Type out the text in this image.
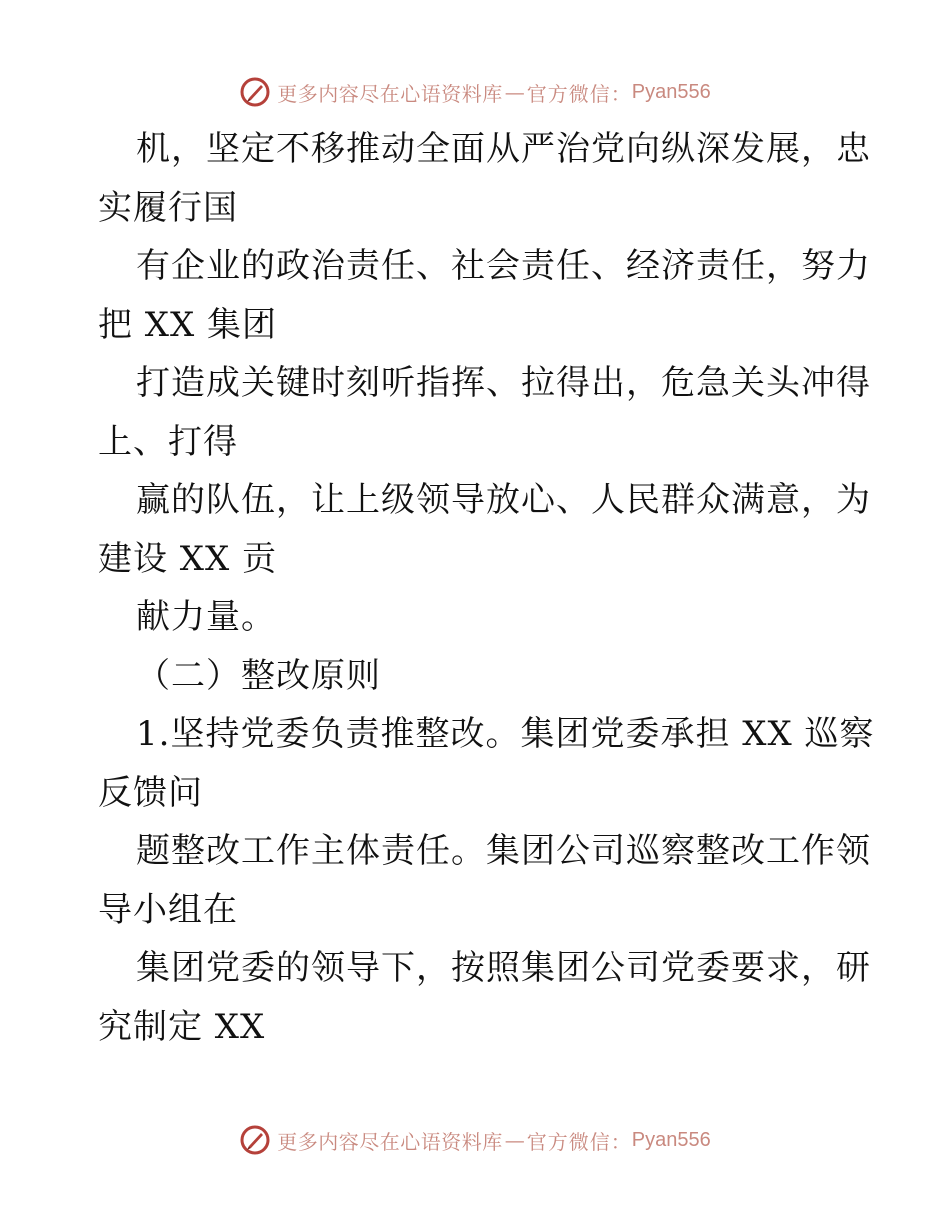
更多内容尽在心语资料库 — 官方微信： Pyan556
机，坚定不移推动全面从严治党向纵深发展，忠
实履行国
有企业的政治责任、社会责任、经济责任，努力
把 XX 集团
打造成关键时刻听指挥、拉得出，危急关头冲得
上、打得
赢的队伍，让上级领导放心、人民群众满意，为
建设 XX 贡
献力量。
（二）整改原则
1.坚持党委负责推整改。集团党委承担 XX 巡察
反馈问
题整改工作主体责任。集团公司巡察整改工作领
导小组在
集团党委的领导下，按照集团公司党委要求，研
究制定 XX
更多内容尽在心语资料库 — 官方微信： Pyan556
